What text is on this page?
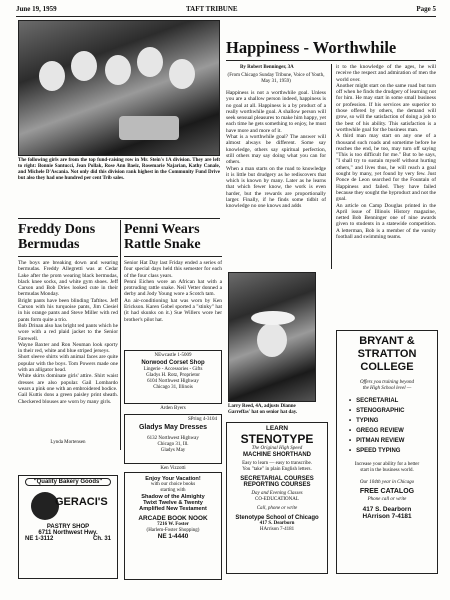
June 19, 1959	TAFT TRIBUNE	Page 5
The following girls are from the top fund-raising row in Mr. Stein's 1A division. They are left to right: Bonnie Santucci, Jean Pollak, Rose Ann Baeiz, Rosemarie Najarian, Kathy Canale, and Michele D'Ascania. Not only did this division rank highest in the Community Fund Drive but also they had one hundred per cent Trib sales.
Happiness - Worthwhile
By Robert Benninger, 3A
(From Chicago Sunday Tribune, Voice of Youth, May 31, 1959)
Happiness is not a worthwhile goal. Unless you are a shallow person indeed, happiness is no goal at all. Happiness is a by product of a really worthwhile goal. A shallow person will seek sensual pleasures to make him happy, yet each time he gets something to enjoy, he must have more and more of it.
What is a worthwhile goal? The answer will almost always be different. Some say knowledge, others say spiritual perfection, still others may say doing what you can for others.
When a man starts on the road to knowledge it is little but drudgery as he rediscovers that which is known by many. Later as he learns that which fewer know, the work is even harder, but the rewards are proportionally larger. Finally, if he finds some tidbit of knowledge no one knows and adds
it to the knowledge of the ages, he will receive the respect and admiration of men the world over.
Another might start on the same road but turn off when he finds the drudgery of learning not for him. He may start in some small business or profession. If his services are superior to those offered by others, the demand will grow, so will the satisfaction of doing a job to the best of his ability. This satisfaction is a worthwhile goal for the business man.
A third man may start on any one of a thousand such roads and sometime before he reaches the end, he too, may turn off saying "This is too difficult for me." But to be says, "I shall try to sustain myself without hurting others," and lives thus, he will reach a goal sought by many, yet found by very few. Just Ponce de Leon searched for the Fountain of Happiness and failed. They have failed because they sought the byproduct and not the goal.
An article on Camp Douglas printed in the April issue of Illinois History magazine, netted Bob Benninger one of nine awards given to students in a statewide competition. A letterman, Bob is a member of the varsity football and swimming teams.
Freddy Dons
Bermudas
The boys are breaking down and wearing bermudas. Freddy Allegretti was at Cedar Lake after the prom wearing black bermudas, black knee socks, and white gym shoes. Jeff Carson and Bob Dries looked cute in their bermudas Monday.
Bright pants have been blinding Taftites. Jeff Carson with his turquoise pants, Jim Ciesiel in his orange pants and Steve Miller with red pants form quite a trio.
Bob Drinan also has bright red pants which he wore with a red plaid jacket to the Senior Farewell.
Wayne Baxter and Ron Neuman look sporty in their red, white and blue striped jerseys.
Short sleeve shirts with animal faces are quite popular with the boys. Tom Powers made one with an alligator head.
White skirts dominate girls' attire. Shirt waist dresses are also popular. Gail Lombardo wears a pink one with an embroidered bodice.
Gail Kuttis dons a green paisley print sheath. Checkered blouses are worn by many girls.
Lynda Mortensen
Penni Wears
Rattle Snake
Senior Hat Day last Friday ended a series of four special days held this semester for each of the four class years.
Penni Eichen wore an African hat with a protruding rattle snake. Neil Vetter donned a derby and Jody Young wore a Scotch tam.
An air-conditioning hat was worn by Ken Erickson. Karen Gobel sported a "stinky" hat (it had skunks on it.) Sue Willers wore her brother's pilot hat.
NEwcastle 1-5009
Norwood Corset Shop
Lingerie - Accessories - Gifts
Gladys H. Rotz, Proprietor
6104 Northwest Highway
Chicago 31, Illinois
Arden Byers
SPring 4-3104
Gladys May Dresses
6132 Northwest Highway
Chicago 31, Ill.
Gladys May
Ken Vizzotti
"Quality Bakery Goods"
GERACI'S
PASTRY SHOP
6711 Northwest Hwy.
NE 1-3112	Ch. 31
Enjoy Your Vacation!
with our choice books
starting with
Shadow of the Almighty
Twixt Twelve & Twenty
Amplified New Testament
ARCADE BOOK NOOK
7216 W. Foster
(Harlem-Foster Shopping)
NE 1-4440
Larry Reed, 4A, adjusts Dianne Garreffas' hat on senior hat day.
LEARN
STENOTYPE
The Original High Speed
MACHINE SHORTHAND
Easy to learn — easy to transcribe.
You "take" in plain English letters.
SECRETARIAL COURSES
REPORTING COURSES
Day and Evening Classes
CO-EDUCATIONAL
Call, phone or write
Stenotype School of Chicago
417 S. Dearborn
HArrison 7-4181
BRYANT &
STRATTON
COLLEGE
Offers you training beyond
the High School level —
• SECRETARIAL
• STENOGRAPHIC
• TYPING
• GREGG REVIEW
• PITMAN REVIEW
• SPEED TYPING
Increase your ability for a better
start in the business world.
Our 104th year in Chicago
FREE CATALOG
Phone call or write
417 S. Dearborn
HArrison 7-4181
